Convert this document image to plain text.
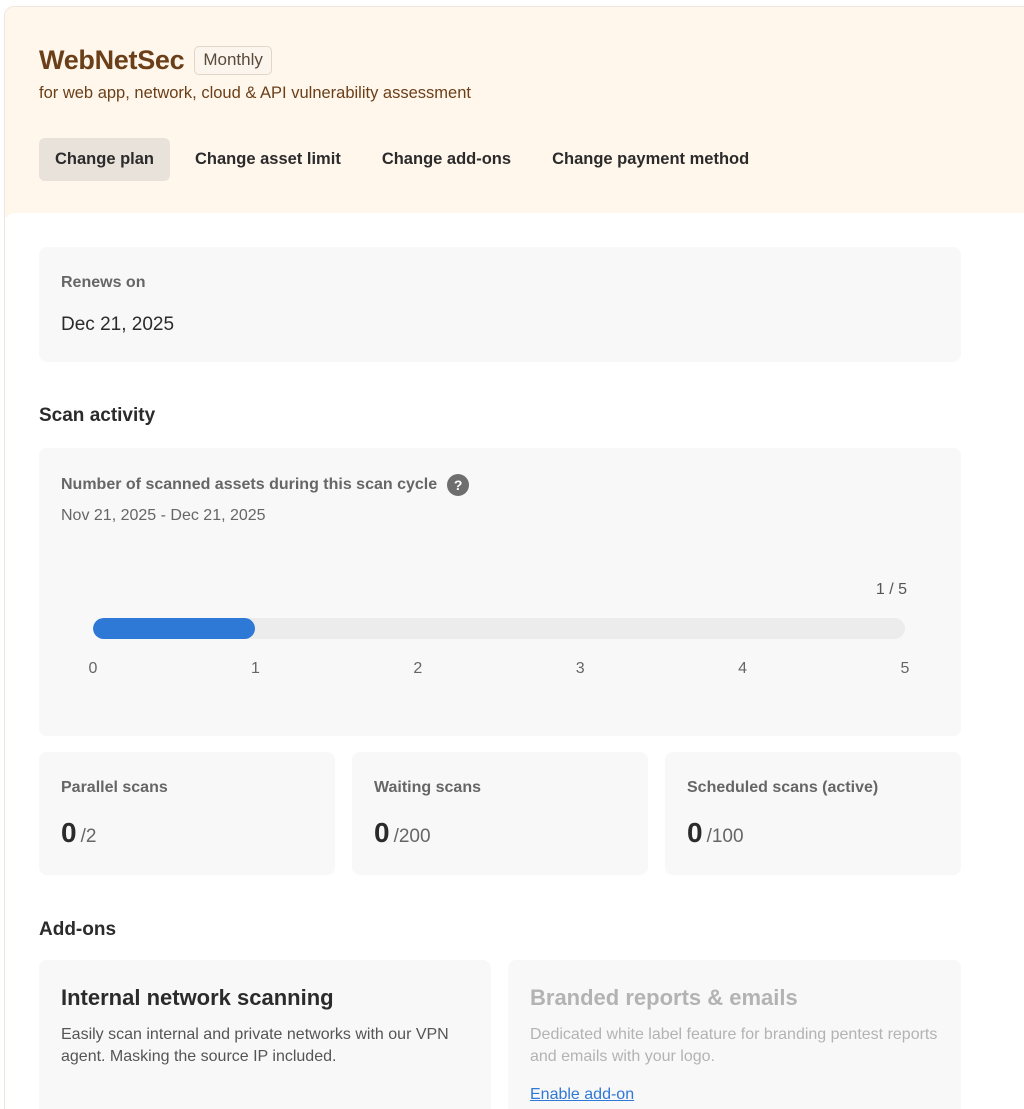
WebNetSec	Monthly
for web app, network, cloud & API vulnerability assessment
Change plan	Change asset limit	Change add-ons	Change payment method
Renews on
Dec 21, 2025
Scan activity
Number of scanned assets during this scan cycle	?
Nov 21, 2025 - Dec 21, 2025
1 / 5
0	1	2	3	4	5
Parallel scans
0 /2
Waiting scans
0 /200
Scheduled scans (active)
0 /100
Add-ons
Internal network scanning
Easily scan internal and private networks with our VPN agent. Masking the source IP included.
Branded reports & emails
Dedicated white label feature for branding pentest reports and emails with your logo.
Enable add-on
